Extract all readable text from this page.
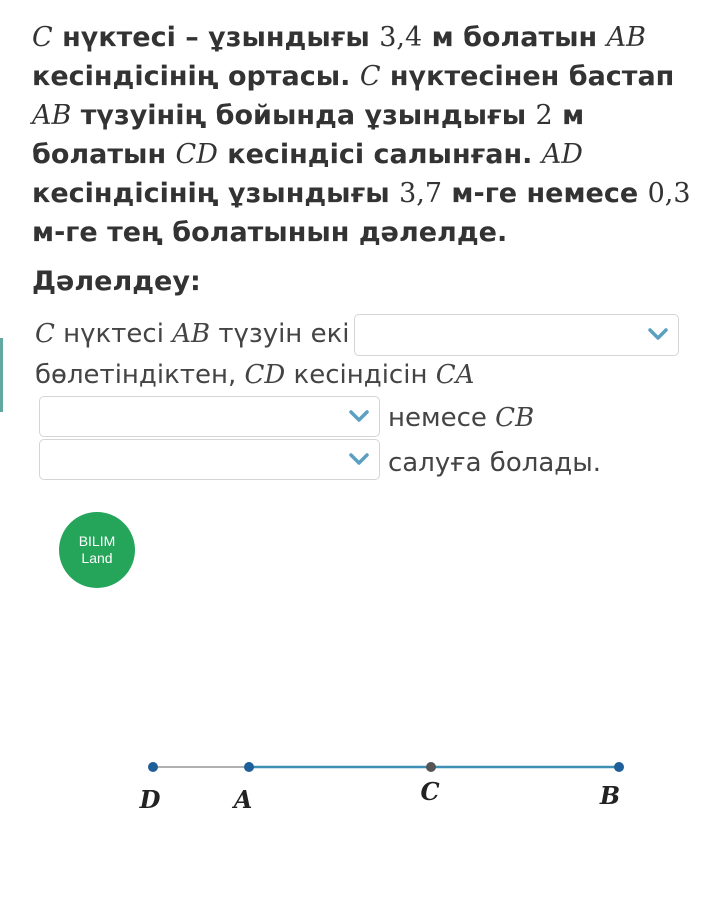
C нүктесі – ұзындығы 3,4 м болатын AB кесіндісінің ортасы. C нүктесінен бастап AB түзуінің бойында ұзындығы 2 м болатын CD кесіндісі салынған. AD кесіндісінің ұзындығы 3,7 м-ге немесе 0,3 м-ге тең болатынын дәлелде.
Дәлелдеу:
C нүктесі AB түзуін екі
бөлетіндіктен, CD кесіндісін CA
немесе CB
салуға болады.
BILIM
Land
D	A	C	B
